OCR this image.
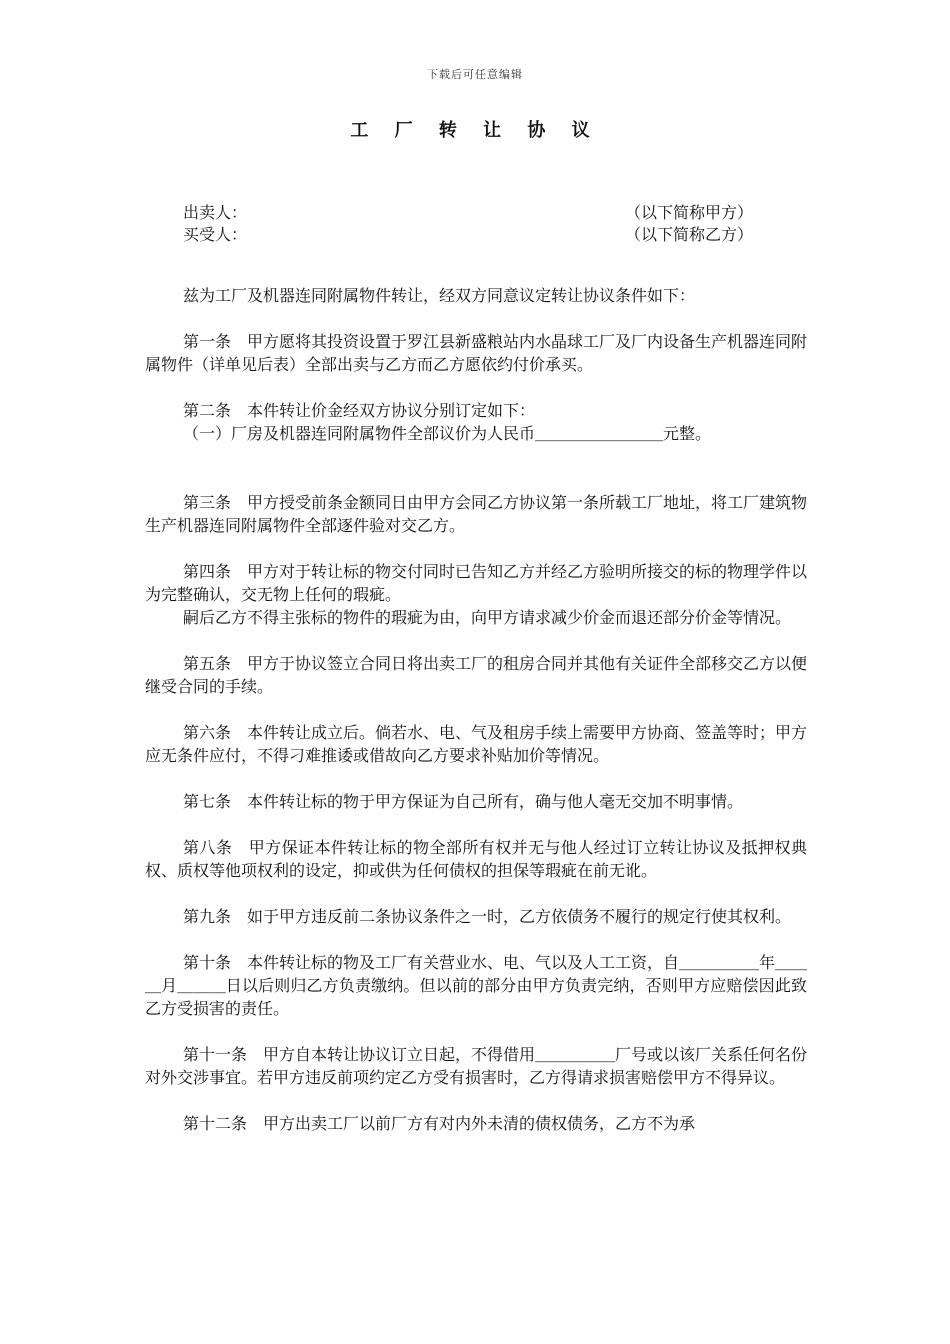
下载后可任意编辑
工 厂 转 让 协 议
出卖人：	（以下简称甲方）
买受人：	（以下简称乙方）

兹为工厂及机器连同附属物件转让，经双方同意议定转让协议条件如下：

第一条　甲方愿将其投资设置于罗江县新盛粮站内水晶球工厂及厂内设备生产机器连同附属物件（详单见后表）全部出卖与乙方而乙方愿依约付价承买。

第二条　本件转让价金经双方协议分别订定如下：

（一）厂房及机器连同附属物件全部议价为人民币＿＿＿＿＿＿＿＿元整。

第三条　甲方授受前条金额同日由甲方会同乙方协议第一条所载工厂地址，将工厂建筑物生产机器连同附属物件全部逐件验对交乙方。

第四条　甲方对于转让标的物交付同时已告知乙方并经乙方验明所接交的标的物理学件以为完整确认，交无物上任何的瑕疵。

嗣后乙方不得主张标的物件的瑕疵为由，向甲方请求减少价金而退还部分价金等情况。

第五条　甲方于协议签立合同日将出卖工厂的租房合同并其他有关证件全部移交乙方以便继受合同的手续。

第六条　本件转让成立后。倘若水、电、气及租房手续上需要甲方协商、签盖等时；甲方应无条件应付，不得刁难推诿或借故向乙方要求补贴加价等情况。

第七条　本件转让标的物于甲方保证为自己所有，确与他人毫无交加不明事情。

第八条　甲方保证本件转让标的物全部所有权并无与他人经过订立转让协议及抵押权典权、质权等他项权利的设定，抑或供为任何债权的担保等瑕疵在前无讹。

第九条　如于甲方违反前二条协议条件之一时，乙方依债务不履行的规定行使其权利。

第十条　本件转让标的物及工厂有关营业水、电、气以及人工工资，自＿＿＿＿＿年＿＿＿月＿＿＿日以后则归乙方负责缴纳。但以前的部分由甲方负责完纳，否则甲方应赔偿因此致乙方受损害的责任。

第十一条　甲方自本转让协议订立日起，不得借用＿＿＿＿＿厂号或以该厂关系任何名份对外交涉事宜。若甲方违反前项约定乙方受有损害时，乙方得请求损害赔偿甲方不得异议。

第十二条　甲方出卖工厂以前厂方有对内外未清的债权债务，乙方不为承
